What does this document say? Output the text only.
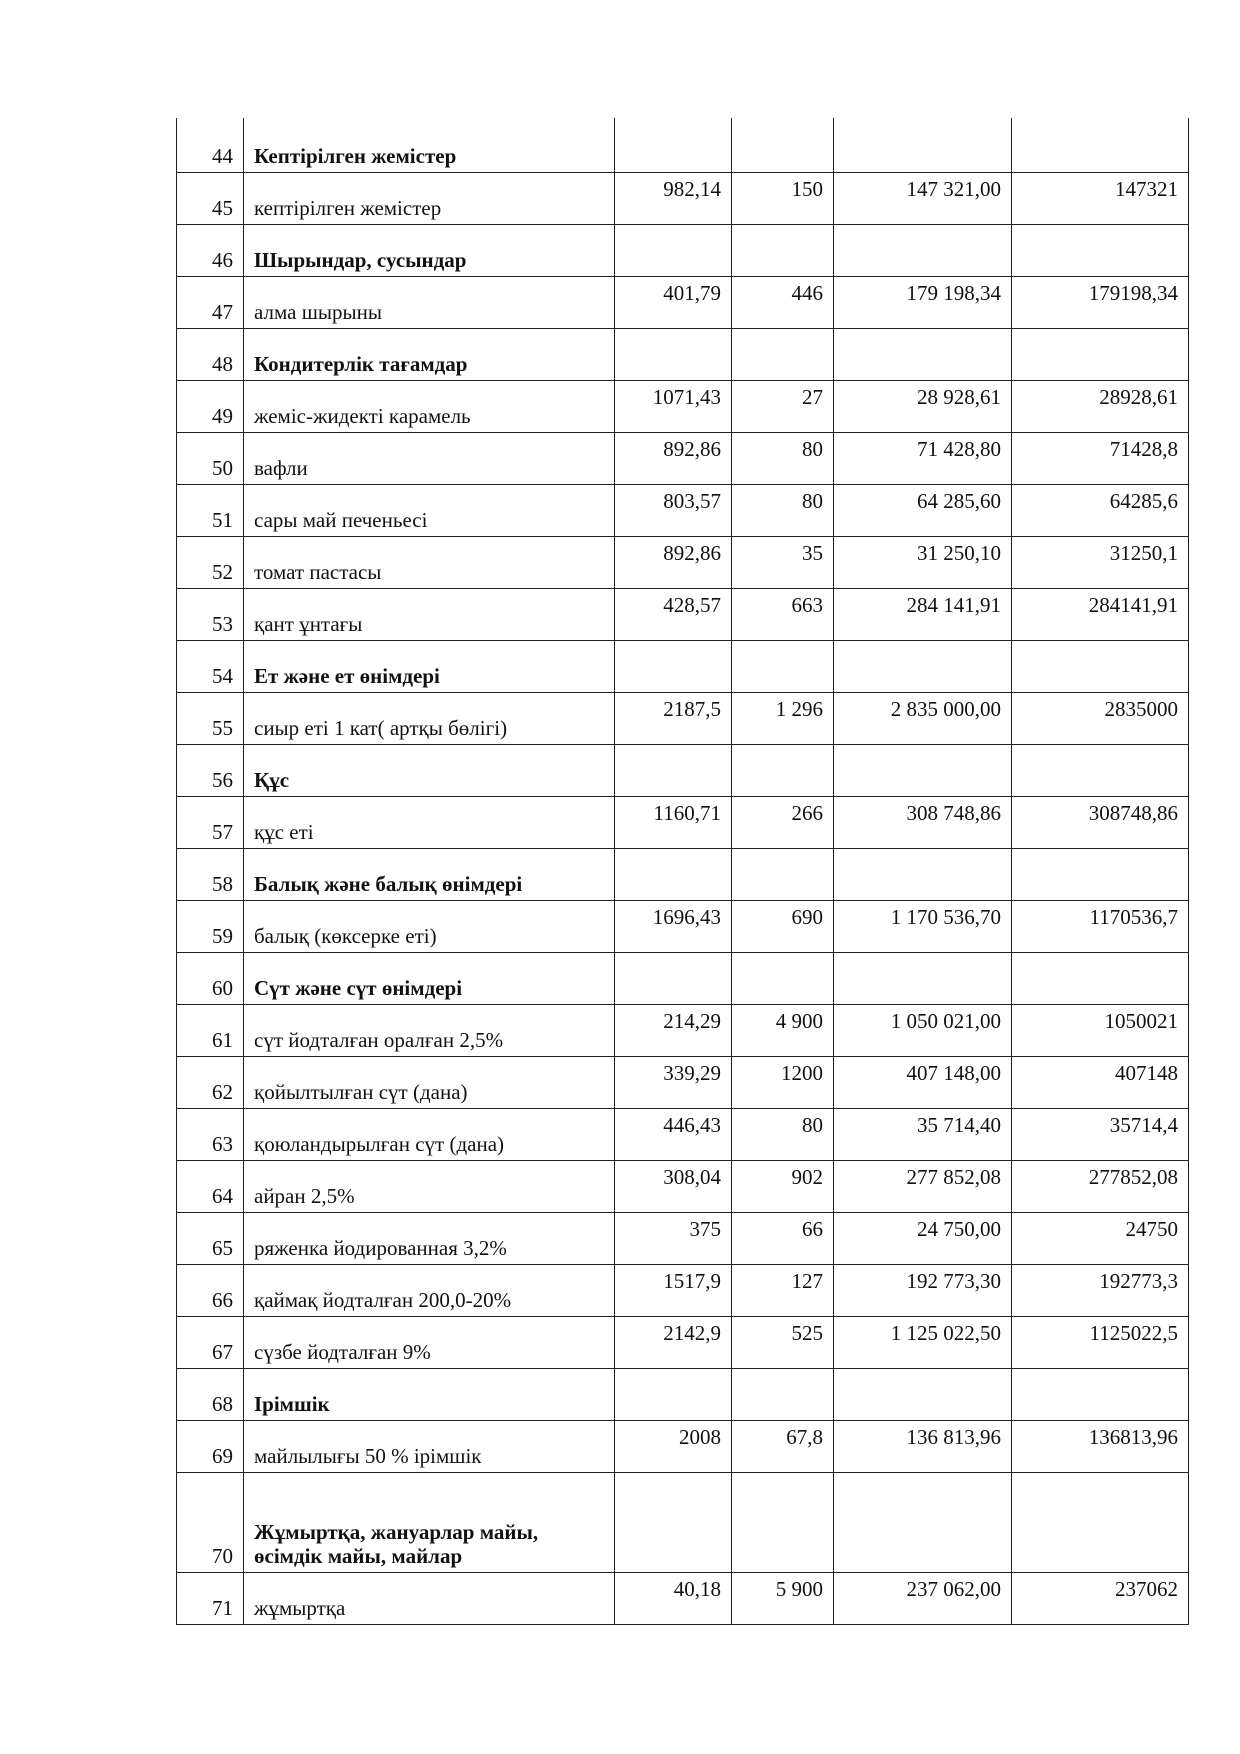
44	Кептірілген жемістер				
45	кептірілген жемістер	982,14	150	147 321,00	147321
46	Шырындар, сусындар				
47	алма шырыны	401,79	446	179 198,34	179198,34
48	Кондитерлік тағамдар				
49	жеміс-жидекті карамель	1071,43	27	28 928,61	28928,61
50	вафли	892,86	80	71 428,80	71428,8
51	сары май печеньесі	803,57	80	64 285,60	64285,6
52	томат пастасы	892,86	35	31 250,10	31250,1
53	қант ұнтағы	428,57	663	284 141,91	284141,91
54	Ет және ет өнімдері				
55	сиыр еті 1 кат( артқы бөлігі)	2187,5	1 296	2 835 000,00	2835000
56	Құс				
57	құс еті	1160,71	266	308 748,86	308748,86
58	Балық және балық өнімдері				
59	балық (көксерке еті)	1696,43	690	1 170 536,70	1170536,7
60	Сүт және сүт өнімдері				
61	сүт йодталған оралған 2,5%	214,29	4 900	1 050 021,00	1050021
62	қойылтылған сүт (дана)	339,29	1200	407 148,00	407148
63	қоюландырылған сүт (дана)	446,43	80	35 714,40	35714,4
64	айран 2,5%	308,04	902	277 852,08	277852,08
65	ряженка йодированная 3,2%	375	66	24 750,00	24750
66	қаймақ йодталған 200,0-20%	1517,9	127	192 773,30	192773,3
67	сүзбе йодталған 9%	2142,9	525	1 125 022,50	1125022,5
68	Ірімшік				
69	майлылығы 50 % ірімшік	2008	67,8	136 813,96	136813,96
70	Жұмыртқа, жануарлар майы, өсімдік майы, майлар				
71	жұмыртқа	40,18	5 900	237 062,00	237062
